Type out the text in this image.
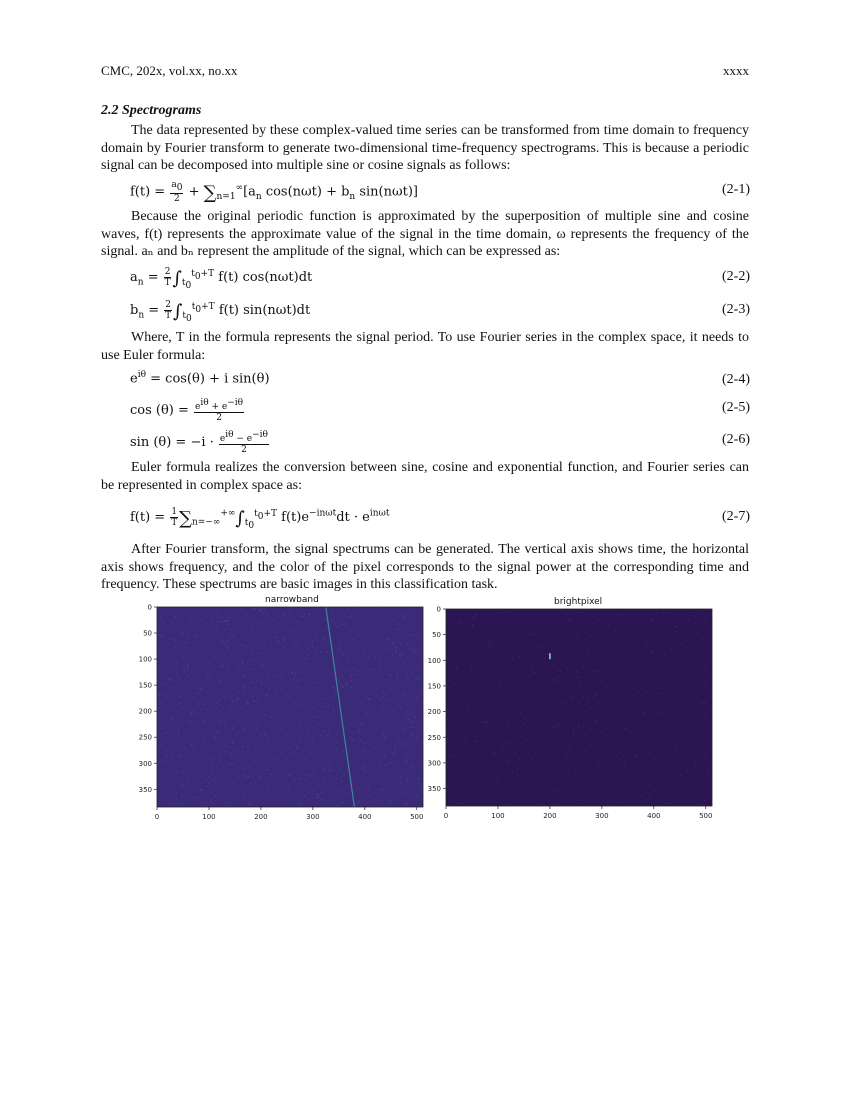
CMC, 202x, vol.xx, no.xx	xxxx
2.2 Spectrograms

The data represented by these complex-valued time series can be transformed from time domain to frequency domain by Fourier transform to generate two-dimensional time-frequency spectrograms. This is because a periodic signal can be decomposed into multiple sine or cosine signals as follows:

$f(t) = \frac{a_0}{2} + \sum_{n=1}^\infty[a_n$ $\cos(n\omega t) + b_n$ sin(nωt)]	(2-1)

Because the original periodic function is approximated by the superposition of multiple sine and cosine waves, f(t) represents the approximate value of the signal in the time domain, ω represents the frequency of the signal. aₙ and bₙ represent the amplitude of the signal, which can be expressed as:

$a_n = \frac{2}{T} \int_{t_0}^{t_0+T}$ f(t) cos(nωt)dt	(2-2)
$b_n = \frac{2}{T} \int_{t_0}^{t_0+T}$ f(t) sin(nωt)dt	(2-3)

Where, T in the formula represents the signal period. To use Fourier series in the complex space, it needs to use Euler formula:

$e^{i\theta} = \cos(\theta) + i$ sin(θ)	(2-4)
$\cos (\theta) = \frac{e^{i\theta} + e^{-i\theta}}{2}$	(2-5)
$\sin (\theta) = -i \cdot \frac{e^{i\theta} - e^{-i\theta}}{2}$	(2-6)

Euler formula realizes the conversion between sine, cosine and exponential function, and Fourier series can be represented in complex space as:

$f(t) = \frac{1}{T} \sum_{n=-\infty}^{+\infty}\int_{t_0}^{t_0+T}$ $f(t)e^{-in\omega t}dt \cdot e^{in\omega t}$	(2-7)

After Fourier transform, the signal spectrums can be generated. The vertical axis shows time, the horizontal axis shows frequency, and the color of the pixel corresponds to the signal power at the corresponding time and frequency. These spectrums are basic images in this classification task.

narrowband	brightpixel
0	100	200	300	400	500
0
50
100
150
200
250
300
350
0	100	200	300	400	500
0
50
100
150
200
250
300
350
